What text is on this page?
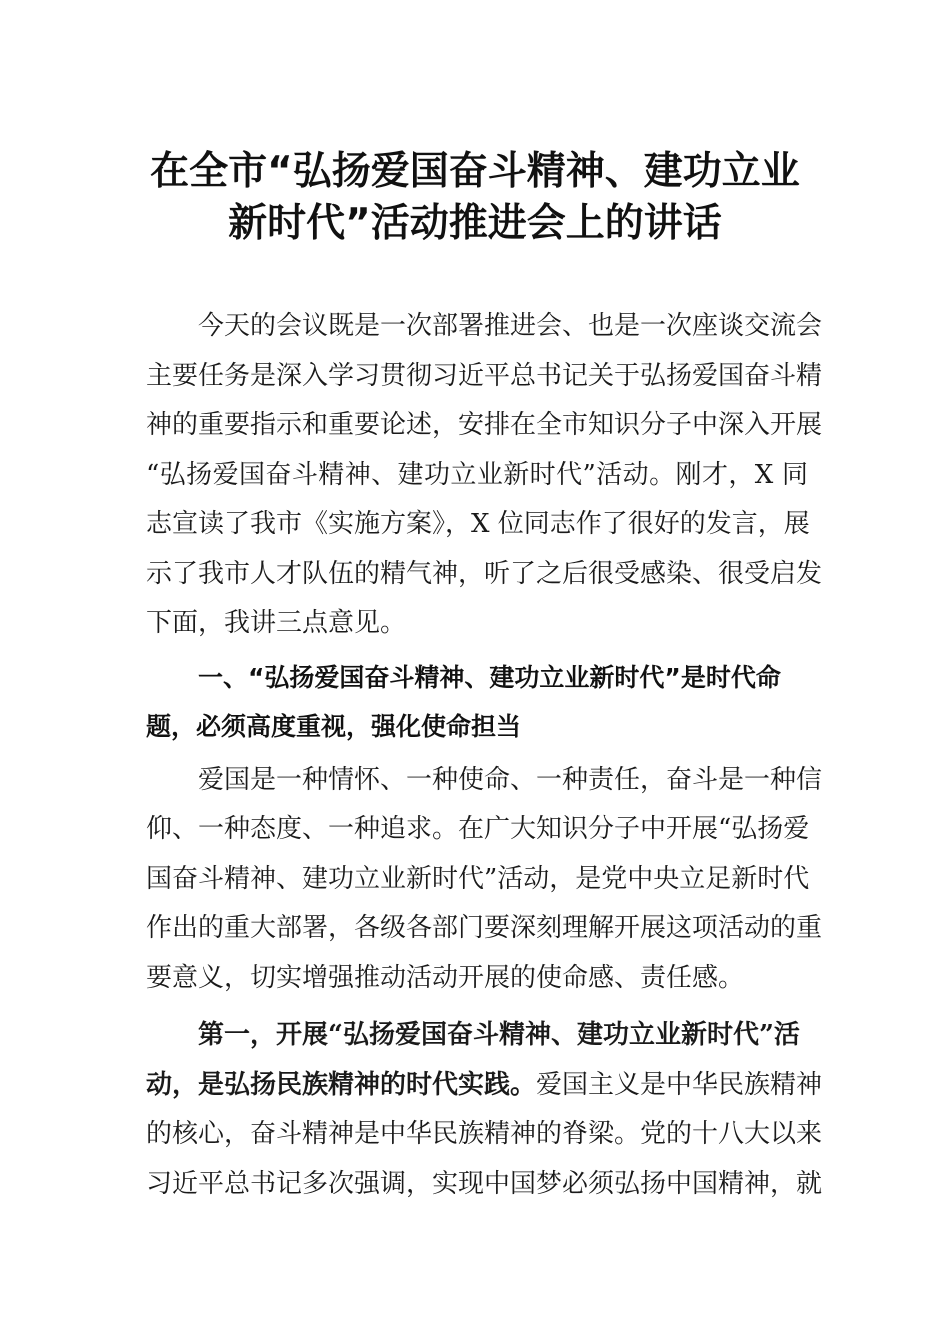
在全市“弘扬爱国奋斗精神、建功立业
新时代”活动推进会上的讲话
今天的会议既是一次部署推进会、也是一次座谈交流会
主要任务是深入学习贯彻习近平总书记关于弘扬爱国奋斗精
神的重要指示和重要论述，安排在全市知识分子中深入开展
“弘扬爱国奋斗精神、建功立业新时代”活动。刚才，X 同
志宣读了我市《实施方案》，X 位同志作了很好的发言，展
示了我市人才队伍的精气神，听了之后很受感染、很受启发
下面，我讲三点意见。
一、“弘扬爱国奋斗精神、建功立业新时代”是时代命
题，必须高度重视，强化使命担当
爱国是一种情怀、一种使命、一种责任，奋斗是一种信
仰、一种态度、一种追求。在广大知识分子中开展“弘扬爱
国奋斗精神、建功立业新时代”活动，是党中央立足新时代
作出的重大部署，各级各部门要深刻理解开展这项活动的重
要意义，切实增强推动活动开展的使命感、责任感。
第一，开展“弘扬爱国奋斗精神、建功立业新时代”活
动，是弘扬民族精神的时代实践。爱国主义是中华民族精神
的核心，奋斗精神是中华民族精神的脊梁。党的十八大以来
习近平总书记多次强调，实现中国梦必须弘扬中国精神，就
